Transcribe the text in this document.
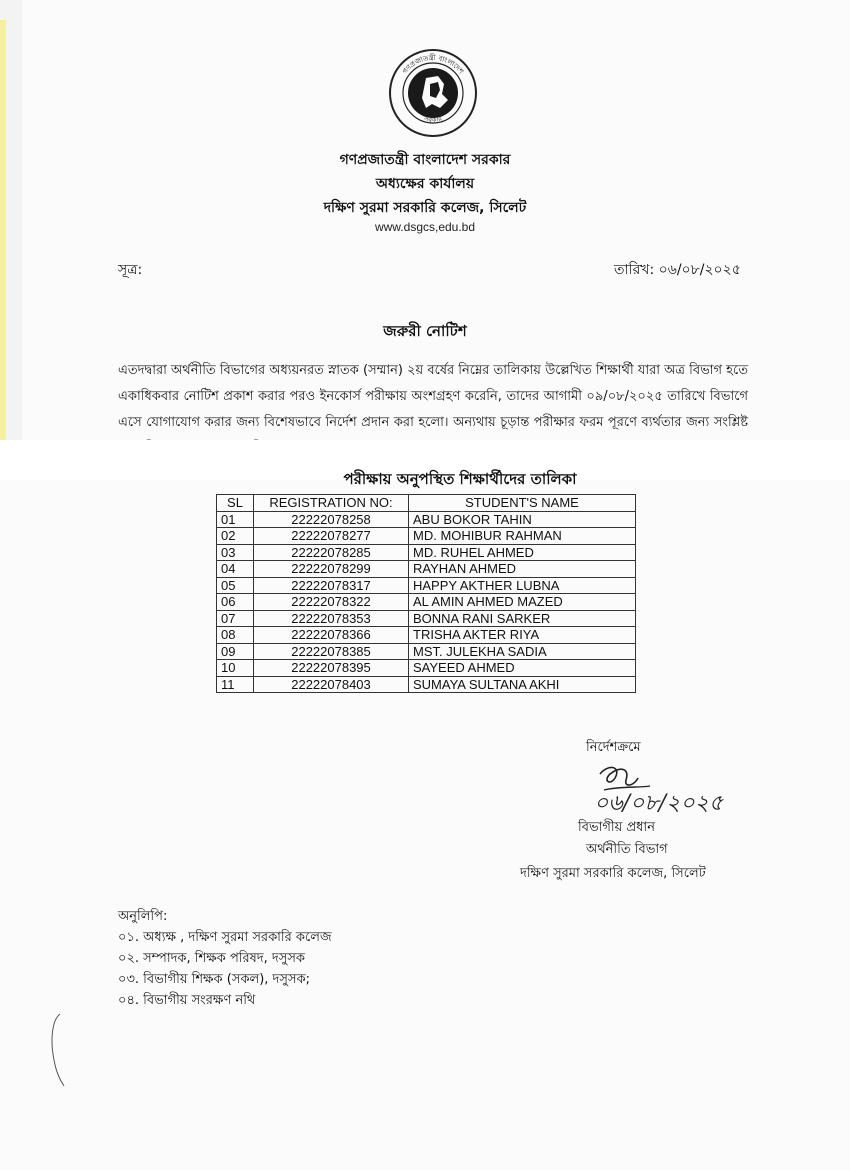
গণপ্রজাতন্ত্রী বাংলাদেশ
সরকার
গণপ্রজাতন্ত্রী বাংলাদেশ সরকার
অধ্যক্ষের কার্যালয়
দক্ষিণ সুরমা সরকারি কলেজ, সিলেট
www.dsgcs,edu.bd
সূত্র:	তারিখ: ০৬/০৮/২০২৫
জরুরী নোটিশ
এতদদ্বারা অর্থনীতি বিভাগের অধ্যয়নরত স্নাতক (সম্মান) ২য় বর্ষের নিম্নের তালিকায় উল্লেখিত শিক্ষার্থী যারা অত্র বিভাগ হতে একাধিকবার নোটিশ প্রকাশ করার পরও ইনকোর্স পরীক্ষায় অংশগ্রহণ করেনি, তাদের আগামী ০৯/০৮/২০২৫ তারিখে বিভাগে এসে যোগাযোগ করার জন্য বিশেষভাবে নির্দেশ প্রদান করা হলো। অন্যথায় চূড়ান্ত পরীক্ষার ফরম পূরণে ব্যর্থতার জন্য সংশ্লিষ্ট
পরীক্ষায় অনুপস্থিত শিক্ষার্থীদের তালিকা
SL	REGISTRATION NO:	STUDENT'S NAME
01	22222078258	ABU BOKOR TAHIN
02	22222078277	MD. MOHIBUR RAHMAN
03	22222078285	MD. RUHEL AHMED
04	22222078299	RAYHAN AHMED
05	22222078317	HAPPY AKTHER LUBNA
06	22222078322	AL AMIN AHMED MAZED
07	22222078353	BONNA RANI SARKER
08	22222078366	TRISHA AKTER RIYA
09	22222078385	MST. JULEKHA SADIA
10	22222078395	SAYEED AHMED
11	22222078403	SUMAYA SULTANA AKHI
নির্দেশক্রমে
০৬/০৮/২০২৫
বিভাগীয় প্রধান
অর্থনীতি বিভাগ
দক্ষিণ সুরমা সরকারি কলেজ, সিলেট
অনুলিপি:
০১. অধ্যক্ষ , দক্ষিণ সুরমা সরকারি কলেজ
০২. সম্পাদক, শিক্ষক পরিষদ, দসুসক
০৩. বিভাগীয় শিক্ষক (সকল), দসুসক;
০৪. বিভাগীয় সংরক্ষণ নথি
